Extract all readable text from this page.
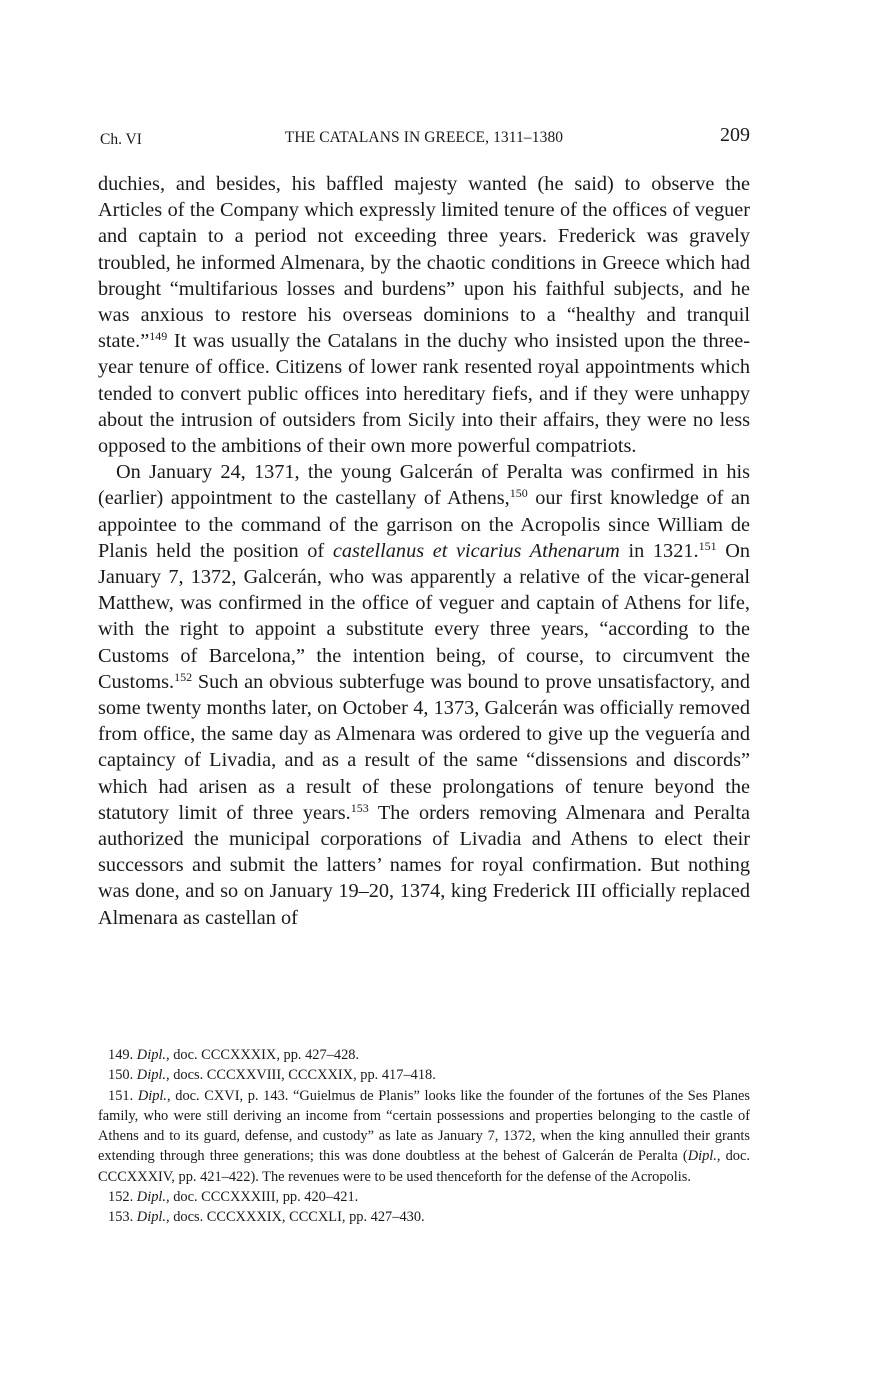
Ch. VI	THE CATALANS IN GREECE, 1311–1380	209

duchies, and besides, his baffled majesty wanted (he said) to observe the Articles of the Company which expressly limited tenure of the offices of veguer and captain to a period not exceeding three years. Frederick was gravely troubled, he informed Almenara, by the chaotic conditions in Greece which had brought “multifarious losses and burdens” upon his faithful subjects, and he was anxious to restore his overseas dominions to a “healthy and tranquil state.”$^{149}$ It was usually the Catalans in the duchy who insisted upon the three-year tenure of office. Citizens of lower rank resented royal appointments which tended to convert public offices into hereditary fiefs, and if they were unhappy about the intrusion of outsiders from Sicily into their affairs, they were no less opposed to the ambitions of their own more powerful compatriots.

On January 24, 1371, the young Galcerán of Peralta was confirmed in his (earlier) appointment to the castellany of Athens,$^{150}$ our first knowledge of an appointee to the command of the garrison on the Acropolis since William de Planis held the position of castellanus et vicarius Athenarum in 1321.$^{151}$ On January 7, 1372, Galcerán, who was apparently a relative of the vicar-general Matthew, was confirmed in the office of veguer and captain of Athens for life, with the right to appoint a substitute every three years, “according to the Customs of Barcelona,” the intention being, of course, to circumvent the Customs.$^{152}$ Such an obvious subterfuge was bound to prove unsatisfactory, and some twenty months later, on October 4, 1373, Galcerán was officially removed from office, the same day as Almenara was ordered to give up the veguería and captaincy of Livadia, and as a result of the same “dissensions and discords” which had arisen as a result of these prolongations of tenure beyond the statutory limit of three years.$^{153}$ The orders removing Almenara and Peralta authorized the municipal corporations of Livadia and Athens to elect their successors and submit the latters’ names for royal confirmation. But nothing was done, and so on January 19–20, 1374, king Frederick III officially replaced Almenara as castellan of

149. Dipl., doc. CCCXXXIX, pp. 427–428.

150. Dipl., docs. CCCXXVIII, CCCXXIX, pp. 417–418.

151. Dipl., doc. CXVI, p. 143. “Guielmus de Planis” looks like the founder of the fortunes of the Ses Planes family, who were still deriving an income from “certain possessions and properties belonging to the castle of Athens and to its guard, defense, and custody” as late as January 7, 1372, when the king annulled their grants extending through three generations; this was done doubtless at the behest of Galcerán de Peralta (Dipl., doc. CCCXXXIV, pp. 421–422). The revenues were to be used thenceforth for the defense of the Acropolis.

152. Dipl., doc. CCCXXXIII, pp. 420–421.

153. Dipl., docs. CCCXXXIX, CCCXLI, pp. 427–430.
